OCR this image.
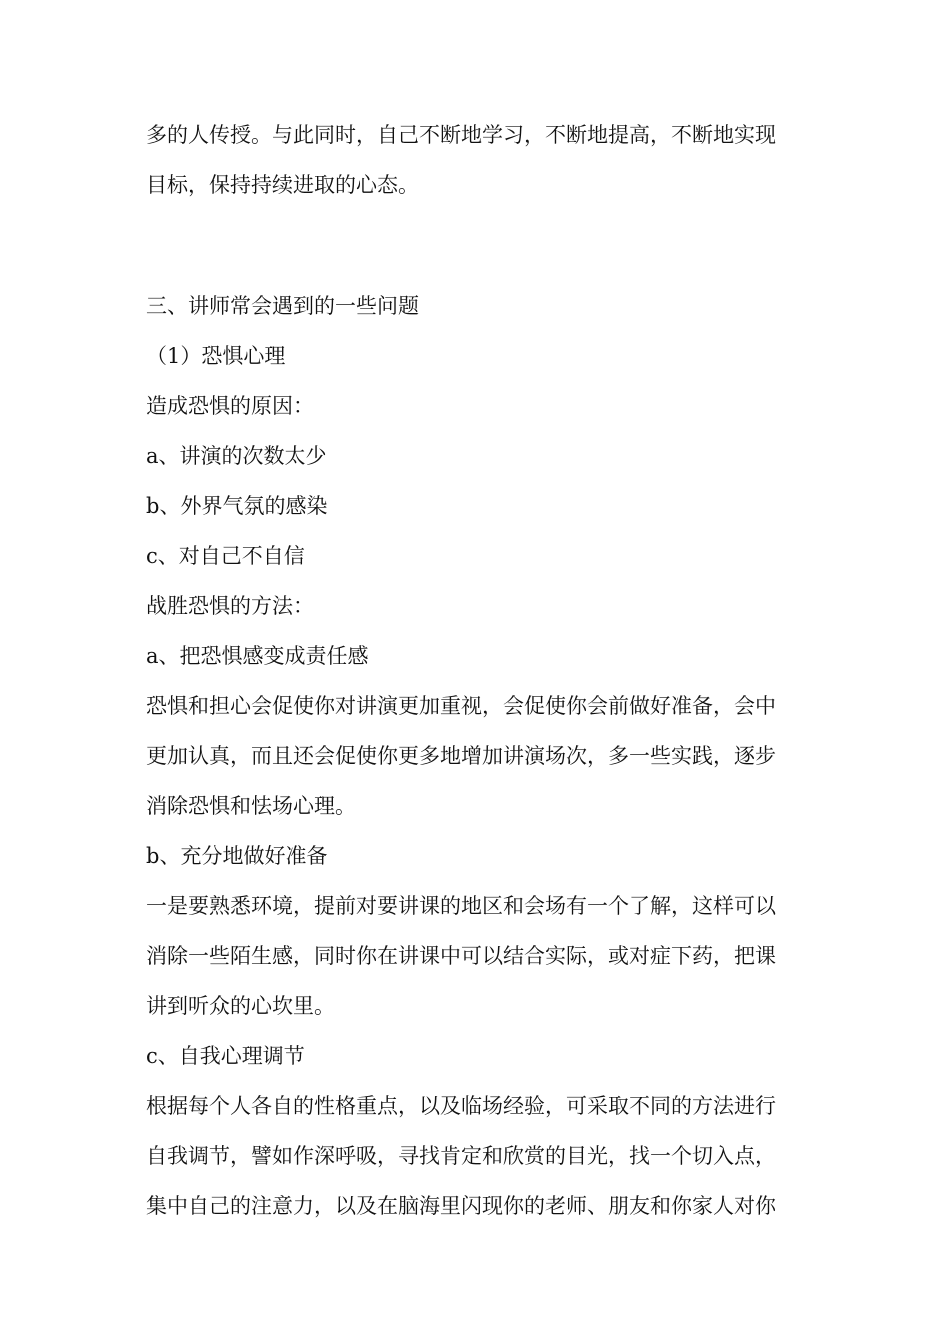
多的人传授。与此同时，自己不断地学习，不断地提高，不断地实现
目标，保持持续进取的心态。
三、讲师常会遇到的一些问题
（1）恐惧心理
造成恐惧的原因：
a、讲演的次数太少
b、外界气氛的感染
c、对自己不自信
战胜恐惧的方法：
a、把恐惧感变成责任感
恐惧和担心会促使你对讲演更加重视，会促使你会前做好准备，会中
更加认真，而且还会促使你更多地增加讲演场次，多一些实践，逐步
消除恐惧和怯场心理。
b、充分地做好准备
一是要熟悉环境，提前对要讲课的地区和会场有一个了解，这样可以
消除一些陌生感，同时你在讲课中可以结合实际，或对症下药，把课
讲到听众的心坎里。
c、自我心理调节
根据每个人各自的性格重点，以及临场经验，可采取不同的方法进行
自我调节，譬如作深呼吸，寻找肯定和欣赏的目光，找一个切入点，
集中自己的注意力，以及在脑海里闪现你的老师、朋友和你家人对你
